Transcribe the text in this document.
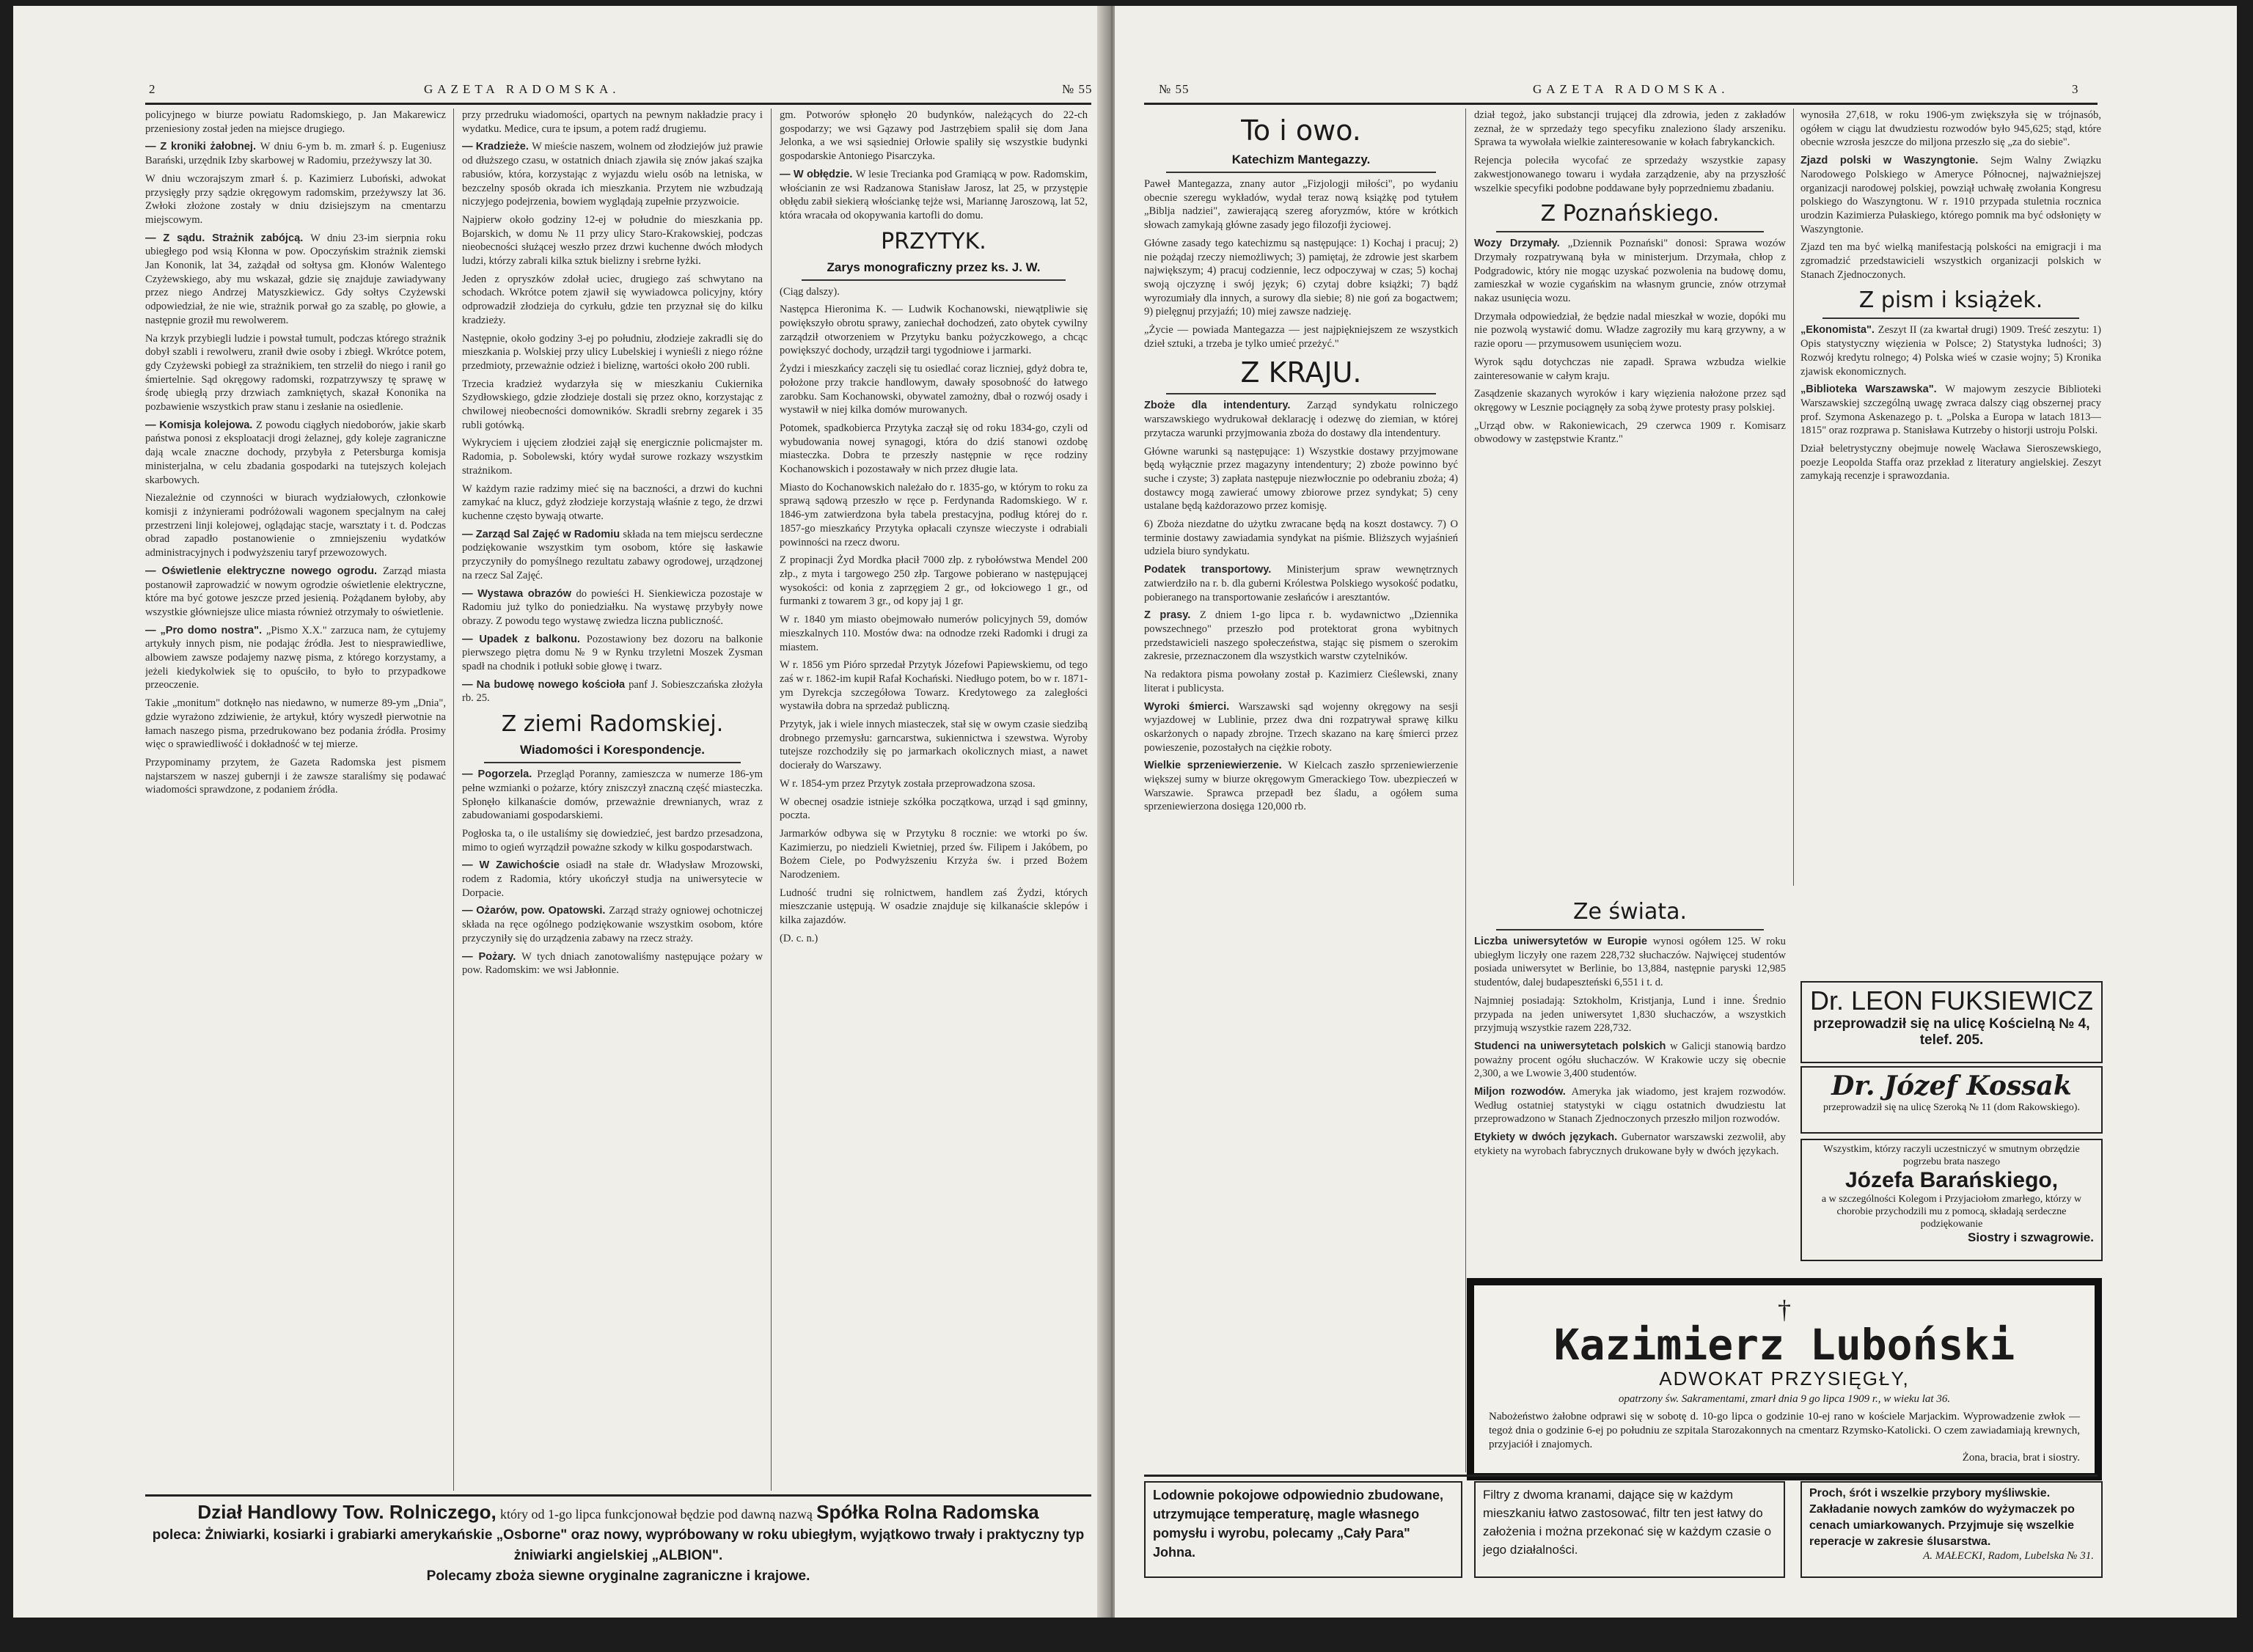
2	GAZETA RADOMSKA.	№ 55

policyjnego w biurze powiatu Radomskiego, p. Jan Makarewicz przeniesiony został jeden na miejsce drugiego.

— Z kroniki żałobnej. W dniu 6-ym b. m. zmarł ś. p. Eugeniusz Barański, urzędnik Izby skarbowej w Radomiu, przeżywszy lat 30.

W dniu wczorajszym zmarł ś. p. Kazimierz Luboński, adwokat przysięgły przy sądzie okręgowym radomskim, przeżywszy lat 36. Zwłoki złożone zostały w dniu dzisiejszym na cmentarzu miejscowym.

— Z sądu. Strażnik zabójcą. W dniu 23-im sierpnia roku ubiegłego pod wsią Kłonna w pow. Opoczyńskim strażnik ziemski Jan Kononik, lat 34, zażądał od sołtysa gm. Kłonów Walentego Czyżewskiego, aby mu wskazał, gdzie się znajduje zawiadywany przez niego Andrzej Matyszkiewicz. Gdy sołtys Czyżewski odpowiedział, że nie wie, strażnik porwał go za szablę, po głowie, a następnie groził mu rewolwerem.

Na krzyk przybiegli ludzie i powstał tumult, podczas którego strażnik dobył szabli i rewolweru, zranił dwie osoby i zbiegł. Wkrótce potem, gdy Czyżewski pobiegł za strażnikiem, ten strzelił do niego i ranił go śmiertelnie. Sąd okręgowy radomski, rozpatrzywszy tę sprawę w środę ubiegłą przy drzwiach zamkniętych, skazał Kononika na pozbawienie wszystkich praw stanu i zesłanie na osiedlenie.

— Komisja kolejowa. Z powodu ciągłych niedoborów, jakie skarb państwa ponosi z eksploatacji drogi żelaznej, gdy koleje zagraniczne dają wcale znaczne dochody, przybyła z Petersburga komisja ministerjalna, w celu zbadania gospodarki na tutejszych kolejach skarbowych.

Niezależnie od czynności w biurach wydziałowych, członkowie komisji z inżynierami podróżowali wagonem specjalnym na całej przestrzeni linji kolejowej, oglądając stacje, warsztaty i t. d. Podczas obrad zapadło postanowienie o zmniejszeniu wydatków administracyjnych i podwyższeniu taryf przewozowych.

— Oświetlenie elektryczne nowego ogrodu. Zarząd miasta postanowił zaprowadzić w nowym ogrodzie oświetlenie elektryczne, które ma być gotowe jeszcze przed jesienią. Pożądanem byłoby, aby wszystkie główniejsze ulice miasta również otrzymały to oświetlenie.

— „Pro domo nostra". „Pismo X.X." zarzuca nam, że cytujemy artykuły innych pism, nie podając źródła. Jest to niesprawiedliwe, albowiem zawsze podajemy nazwę pisma, z którego korzystamy, a jeżeli kiedykolwiek się to opuściło, to było to przypadkowe przeoczenie.

Takie „monitum" dotknęło nas niedawno, w numerze 89-ym „Dnia", gdzie wyrażono zdziwienie, że artykuł, który wyszedł pierwotnie na łamach naszego pisma, przedrukowano bez podania źródła. Prosimy więc o sprawiedliwość i dokładność w tej mierze.

Przypominamy przytem, że Gazeta Radomska jest pismem najstarszem w naszej gubernji i że zawsze staraliśmy się podawać wiadomości sprawdzone, z podaniem źródła.

przy przedruku wiadomości, opartych na pewnym nakładzie pracy i wydatku. Medice, cura te ipsum, a potem radź drugiemu.

— Kradzieże. W mieście naszem, wolnem od złodziejów już prawie od dłuższego czasu, w ostatnich dniach zjawiła się znów jakaś szajka rabusiów, która, korzystając z wyjazdu wielu osób na letniska, w bezczelny sposób okrada ich mieszkania. Przytem nie wzbudzają niczyjego podejrzenia, bowiem wyglądają zupełnie przyzwoicie.

Najpierw około godziny 12-ej w południe do mieszkania pp. Bojarskich, w domu № 11 przy ulicy Staro-Krakowskiej, podczas nieobecności służącej weszło przez drzwi kuchenne dwóch młodych ludzi, którzy zabrali kilka sztuk bielizny i srebrne łyżki.

Jeden z opryszków zdołał uciec, drugiego zaś schwytano na schodach. Wkrótce potem zjawił się wywiadowca policyjny, który odprowadził złodzieja do cyrkułu, gdzie ten przyznał się do kilku kradzieży.

Następnie, około godziny 3-ej po południu, złodzieje zakradli się do mieszkania p. Wolskiej przy ulicy Lubelskiej i wynieśli z niego różne przedmioty, przeważnie odzież i bieliznę, wartości około 200 rubli.

Trzecia kradzież wydarzyła się w mieszkaniu Cukiernika Szydłowskiego, gdzie złodzieje dostali się przez okno, korzystając z chwilowej nieobecności domowników. Skradli srebrny zegarek i 35 rubli gotówką.

Wykryciem i ujęciem złodziei zajął się energicznie policmajster m. Radomia, p. Sobolewski, który wydał surowe rozkazy wszystkim strażnikom.

W każdym razie radzimy mieć się na baczności, a drzwi do kuchni zamykać na klucz, gdyż złodzieje korzystają właśnie z tego, że drzwi kuchenne często bywają otwarte.

— Zarząd Sal Zajęć w Radomiu składa na tem miejscu serdeczne podziękowanie wszystkim tym osobom, które się łaskawie przyczyniły do pomyślnego rezultatu zabawy ogrodowej, urządzonej na rzecz Sal Zajęć.

— Wystawa obrazów do powieści H. Sienkiewicza pozostaje w Radomiu już tylko do poniedziałku. Na wystawę przybyły nowe obrazy. Z powodu tego wystawę zwiedza liczna publiczność.

— Upadek z balkonu. Pozostawiony bez dozoru na balkonie pierwszego piętra domu № 9 w Rynku trzyletni Moszek Zysman spadł na chodnik i potłukł sobie głowę i twarz.

— Na budowę nowego kościoła panf J. Sobieszczańska złożyła rb. 25.

Z ziemi Radomskiej.
Wiadomości i Korespondencje.

— Pogorzela. Przegląd Poranny, zamieszcza w numerze 186-ym pełne wzmianki o pożarze, który zniszczył znaczną część miasteczka. Spłonęło kilkanaście domów, przeważnie drewnianych, wraz z zabudowaniami gospodarskiemi.

Pogłoska ta, o ile ustaliśmy się dowiedzieć, jest bardzo przesadzona, mimo to ogień wyrządził poważne szkody w kilku gospodarstwach.

— W Zawichoście osiadł na stałe dr. Władysław Mrozowski, rodem z Radomia, który ukończył studja na uniwersytecie w Dorpacie.

— Ożarów, pow. Opatowski. Zarząd straży ogniowej ochotniczej składa na ręce ogólnego podziękowanie wszystkim osobom, które przyczyniły się do urządzenia zabawy na rzecz straży.

— Pożary. W tych dniach zanotowaliśmy następujące pożary w pow. Radomskim: we wsi Jabłonnie.

gm. Potworów spłonęło 20 budynków, należących do 22-ch gospodarzy; we wsi Gązawy pod Jastrzębiem spalił się dom Jana Jelonka, a we wsi sąsiedniej Orłowie spaliły się wszystkie budynki gospodarskie Antoniego Pisarczyka.

— W obłędzie. W lesie Trecianka pod Gramiącą w pow. Radomskim, włościanin ze wsi Radzanowa Stanisław Jarosz, lat 25, w przystępie obłędu zabił siekierą włościankę tejże wsi, Mariannę Jaroszową, lat 52, która wracała od okopywania kartofli do domu.

PRZYTYK.
Zarys monograficzny przez ks. J. W.

(Ciąg dalszy).

Następca Hieronima K. — Ludwik Kochanowski, niewątpliwie się powiększyło obrotu sprawy, zaniechał dochodzeń, zato obytek cywilny zarządził otworzeniem w Przytyku banku pożyczkowego, a chcąc powiększyć dochody, urządził targi tygodniowe i jarmarki.

Żydzi i mieszkańcy zaczęli się tu osiedlać coraz liczniej, gdyż dobra te, położone przy trakcie handlowym, dawały sposobność do łatwego zarobku. Sam Kochanowski, obywatel zamożny, dbał o rozwój osady i wystawił w niej kilka domów murowanych.

Potomek, spadkobierca Przytyka zaczął się od roku 1834-go, czyli od wybudowania nowej synagogi, która do dziś stanowi ozdobę miasteczka. Dobra te przeszły następnie w ręce rodziny Kochanowskich i pozostawały w nich przez długie lata.

Miasto do Kochanowskich należało do r. 1835-go, w którym to roku za sprawą sądową przeszło w ręce p. Ferdynanda Radomskiego. W r. 1846-ym zatwierdzona była tabela prestacyjna, podług której do r. 1857-go mieszkańcy Przytyka opłacali czynsze wieczyste i odrabiali powinności na rzecz dworu.

Z propinacji Żyd Mordka płacił 7000 złp. z rybołówstwa Mendel 200 złp., z myta i targowego 250 złp. Targowe pobierano w następującej wysokości: od konia z zaprzęgiem 2 gr., od łokciowego 1 gr., od furmanki z towarem 3 gr., od kopy jaj 1 gr.

W r. 1840 ym miasto obejmowało numerów policyjnych 59, domów mieszkalnych 110. Mostów dwa: na odnodze rzeki Radomki i drugi za miastem.

W r. 1856 ym Pióro sprzedał Przytyk Józefowi Papiewskiemu, od tego zaś w r. 1862-im kupił Rafał Kochański. Niedługo potem, bo w r. 1871-ym Dyrekcja szczegółowa Towarz. Kredytowego za zaległości wystawiła dobra na sprzedaż publiczną.

Przytyk, jak i wiele innych miasteczek, stał się w owym czasie siedzibą drobnego przemysłu: garncarstwa, sukiennictwa i szewstwa. Wyroby tutejsze rozchodziły się po jarmarkach okolicznych miast, a nawet docierały do Warszawy.

W r. 1854-ym przez Przytyk została przeprowadzona szosa.

W obecnej osadzie istnieje szkółka początkowa, urząd i sąd gminny, poczta.

Jarmarków odbywa się w Przytyku 8 rocznie: we wtorki po św. Kazimierzu, po niedzieli Kwietniej, przed św. Filipem i Jakóbem, po Bożem Ciele, po Podwyższeniu Krzyża św. i przed Bożem Narodzeniem.

Ludność trudni się rolnictwem, handlem zaś Żydzi, których mieszczanie ustępują. W osadzie znajduje się kilkanaście sklepów i kilka zajazdów.

(D. c. n.)

Dział Handlowy Tow. Rolniczego, który od 1-go lipca funkcjonował będzie pod dawną nazwą Spółka Rolna Radomska
poleca: Żniwiarki, kosiarki i grabiarki amerykańskie „Osborne" oraz nowy, wypróbowany w roku ubiegłym, wyjątkowo trwały i praktyczny typ żniwiarki angielskiej „ALBION".
Polecamy zboża siewne oryginalne zagraniczne i krajowe.
№ 55	GAZETA RADOMSKA.	3
To i owo.
Katechizm Mantegazzy.

Paweł Mantegazza, znany autor „Fizjologji miłości", po wydaniu obecnie szeregu wykładów, wydał teraz nową książkę pod tytułem „Biblja nadziei", zawierającą szereg aforyzmów, które w krótkich słowach zamykają główne zasady jego filozofji życiowej.

Główne zasady tego katechizmu są następujące: 1) Kochaj i pracuj; 2) nie pożądaj rzeczy niemożliwych; 3) pamiętaj, że zdrowie jest skarbem największym; 4) pracuj codziennie, lecz odpoczywaj w czas; 5) kochaj swoją ojczyznę i swój język; 6) czytaj dobre książki; 7) bądź wyrozumiały dla innych, a surowy dla siebie; 8) nie goń za bogactwem; 9) pielęgnuj przyjaźń; 10) miej zawsze nadzieję.

„Życie — powiada Mantegazza — jest najpiękniejszem ze wszystkich dzieł sztuki, a trzeba je tylko umieć przeżyć."

Z KRAJU.

Zboże dla intendentury. Zarząd syndykatu rolniczego warszawskiego wydrukował deklarację i odezwę do ziemian, w której przytacza warunki przyjmowania zboża do dostawy dla intendentury.

Główne warunki są następujące: 1) Wszystkie dostawy przyjmowane będą wyłącznie przez magazyny intendentury; 2) zboże powinno być suche i czyste; 3) zapłata następuje niezwłocznie po odebraniu zboża; 4) dostawcy mogą zawierać umowy zbiorowe przez syndykat; 5) ceny ustalane będą każdorazowo przez komisję.

6) Zboża niezdatne do użytku zwracane będą na koszt dostawcy. 7) O terminie dostawy zawiadamia syndykat na piśmie. Bliższych wyjaśnień udziela biuro syndykatu.

Podatek transportowy. Ministerjum spraw wewnętrznych zatwierdziło na r. b. dla guberni Królestwa Polskiego wysokość podatku, pobieranego na transportowanie zesłańców i aresztantów.

Z prasy. Z dniem 1-go lipca r. b. wydawnictwo „Dziennika powszechnego" przeszło pod protektorat grona wybitnych przedstawicieli naszego społeczeństwa, stając się pismem o szerokim zakresie, przeznaczonem dla wszystkich warstw czytelników.

Na redaktora pisma powołany został p. Kazimierz Cieślewski, znany literat i publicysta.

Wyroki śmierci. Warszawski sąd wojenny okręgowy na sesji wyjazdowej w Lublinie, przez dwa dni rozpatrywał sprawę kilku oskarżonych o napady zbrojne. Trzech skazano na karę śmierci przez powieszenie, pozostałych na ciężkie roboty.

Wielkie sprzeniewierzenie. W Kielcach zaszło sprzeniewierzenie większej sumy w biurze okręgowym Gmerackiego Tow. ubezpieczeń w Warszawie. Sprawca przepadł bez śladu, a ogółem suma sprzeniewierzona dosięga 120,000 rb.

dział tegoż, jako substancji trującej dla zdrowia, jeden z zakładów zeznał, że w sprzedaży tego specyfiku znaleziono ślady arszeniku. Sprawa ta wywołała wielkie zainteresowanie w kołach fabrykanckich.

Rejencja poleciła wycofać ze sprzedaży wszystkie zapasy zakwestjonowanego towaru i wydała zarządzenie, aby na przyszłość wszelkie specyfiki podobne poddawane były poprzedniemu zbadaniu.

Z Poznańskiego.

Wozy Drzymały. „Dziennik Poznański" donosi: Sprawa wozów Drzymały rozpatrywaną była w ministerjum. Drzymała, chłop z Podgradowic, który nie mogąc uzyskać pozwolenia na budowę domu, zamieszkał w wozie cygańskim na własnym gruncie, znów otrzymał nakaz usunięcia wozu.

Drzymała odpowiedział, że będzie nadal mieszkał w wozie, dopóki mu nie pozwolą wystawić domu. Władze zagroziły mu karą grzywny, a w razie oporu — przymusowem usunięciem wozu.

Wyrok sądu dotychczas nie zapadł. Sprawa wzbudza wielkie zainteresowanie w całym kraju.

Zasądzenie skazanych wyroków i kary więzienia nałożone przez sąd okręgowy w Lesznie pociągnęły za sobą żywe protesty prasy polskiej.

„Urząd obw. w Rakoniewicach, 29 czerwca 1909 r. Komisarz obwodowy w zastępstwie Krantz."

wynosiła 27,618, w roku 1906-ym zwiększyła się w trójnasób, ogółem w ciągu lat dwudziestu rozwodów było 945,625; stąd, które obecnie wzrosła jeszcze do miljona przeszło się „za do siebie".

Zjazd polski w Waszyngtonie. Sejm Walny Związku Narodowego Polskiego w Ameryce Północnej, najważniejszej organizacji narodowej polskiej, powziął uchwałę zwołania Kongresu polskiego do Waszyngtonu. W r. 1910 przypada stuletnia rocznica urodzin Kazimierza Pułaskiego, którego pomnik ma być odsłonięty w Waszyngtonie.

Zjazd ten ma być wielką manifestacją polskości na emigracji i ma zgromadzić przedstawicieli wszystkich organizacji polskich w Stanach Zjednoczonych.

Z pism i książek.

„Ekonomista". Zeszyt II (za kwartał drugi) 1909. Treść zeszytu: 1) Opis statystyczny więzienia w Polsce; 2) Statystyka ludności; 3) Rozwój kredytu rolnego; 4) Polska wieś w czasie wojny; 5) Kronika zjawisk ekonomicznych.

„Biblioteka Warszawska". W majowym zeszycie Biblioteki Warszawskiej szczególną uwagę zwraca dalszy ciąg obszernej pracy prof. Szymona Askenazego p. t. „Polska a Europa w latach 1813—1815" oraz rozprawa p. Stanisława Kutrzeby o historji ustroju Polski.

Dział beletrystyczny obejmuje nowelę Wacława Sieroszewskiego, poezje Leopolda Staffa oraz przekład z literatury angielskiej. Zeszyt zamykają recenzje i sprawozdania.

Ze świata.

Liczba uniwersytetów w Europie wynosi ogółem 125. W roku ubiegłym liczyły one razem 228,732 słuchaczów. Najwięcej studentów posiada uniwersytet w Berlinie, bo 13,884, następnie paryski 12,985 studentów, dalej budapeszteński 6,551 i t. d.

Najmniej posiadają: Sztokholm, Kristjanja, Lund i inne. Średnio przypada na jeden uniwersytet 1,830 słuchaczów, a wszystkich przyjmują wszystkie razem 228,732.

Studenci na uniwersytetach polskich w Galicji stanowią bardzo poważny procent ogółu słuchaczów. W Krakowie uczy się obecnie 2,300, a we Lwowie 3,400 studentów.

Miljon rozwodów. Ameryka jak wiadomo, jest krajem rozwodów. Według ostatniej statystyki w ciągu ostatnich dwudziestu lat przeprowadzono w Stanach Zjednoczonych przeszło miljon rozwodów.

Etykiety w dwóch językach. Gubernator warszawski zezwolił, aby etykiety na wyrobach fabrycznych drukowane były w dwóch językach.

Dr. LEON FUKSIEWICZ
przeprowadził się na ulicę Kościelną № 4, telef. 205.
Dr. Józef Kossak
przeprowadził się na ulicę Szeroką № 11 (dom Rakowskiego).
Wszystkim, którzy raczyli uczestniczyć w smutnym obrzędzie pogrzebu brata naszego
Józefa Barańskiego,
a w szczególności Kolegom i Przyjaciołom zmarłego, którzy w chorobie przychodzili mu z pomocą, składają serdeczne podziękowanie
Siostry i szwagrowie.
†
Kazimierz Luboński
ADWOKAT PRZYSIĘGŁY,
opatrzony św. Sakramentami, zmarł dnia 9 go lipca 1909 r., w wieku lat 36.
Nabożeństwo żałobne odprawi się w sobotę d. 10-go lipca o godzinie 10-ej rano w kościele Marjackim. Wyprowadzenie zwłok — tegoż dnia o godzinie 6-ej po południu ze szpitala Starozakonnych na cmentarz Rzymsko-Katolicki. O czem zawiadamiają krewnych, przyjaciół i znajomych.
Żona, bracia, brat i siostry.
Lodownie pokojowe odpowiednio zbudowane, utrzymujące temperaturę, magle własnego pomysłu i wyrobu, polecamy „Cały Para" Johna.
Filtry z dwoma kranami, dające się w każdym mieszkaniu łatwo zastosować, filtr ten jest łatwy do założenia i można przekonać się w każdym czasie o jego działalności.
Proch, śrót i wszelkie przybory myśliwskie. Zakładanie nowych zamków do wyżymaczek po cenach umiarkowanych. Przyjmuje się wszelkie reperacje w zakresie ślusarstwa.
A. MAŁECKI, Radom, Lubelska № 31.
